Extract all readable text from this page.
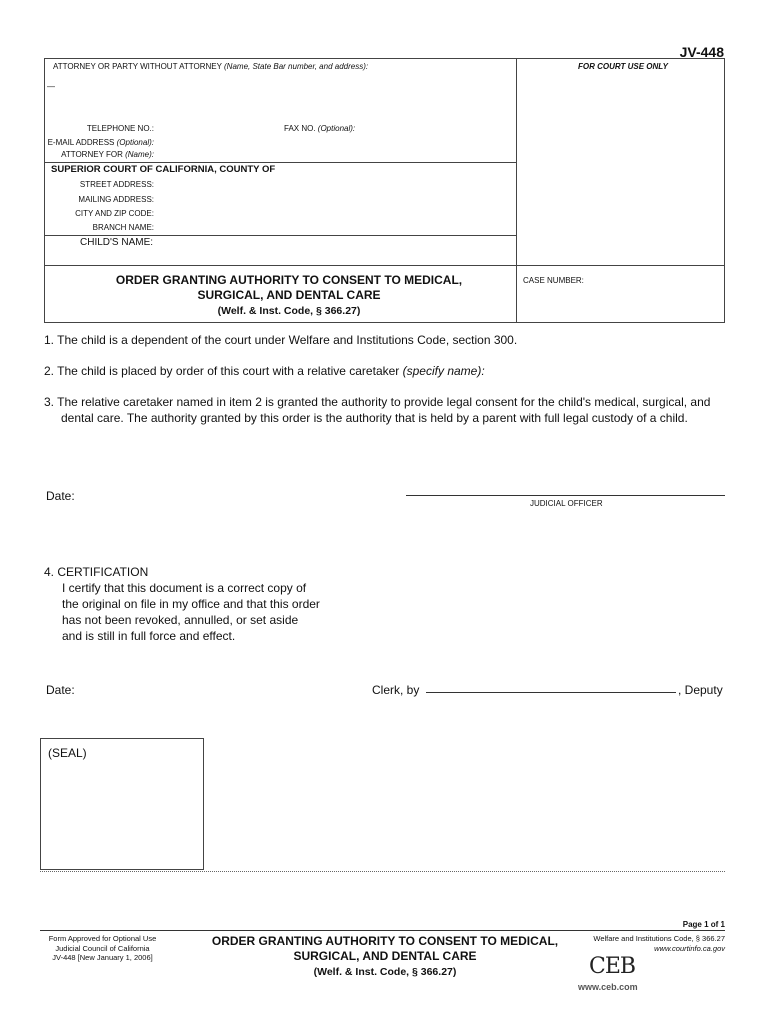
JV-448
ATTORNEY OR PARTY WITHOUT ATTORNEY (Name, State Bar number, and address):
—
FOR COURT USE ONLY
TELEPHONE NO.:	FAX NO. (Optional):
E-MAIL ADDRESS (Optional):
ATTORNEY FOR (Name):
SUPERIOR COURT OF CALIFORNIA, COUNTY OF
STREET ADDRESS:
MAILING ADDRESS:
CITY AND ZIP CODE:
BRANCH NAME:
CHILD'S NAME:
ORDER GRANTING AUTHORITY TO CONSENT TO MEDICAL,
SURGICAL, AND DENTAL CARE
(Welf. & Inst. Code, § 366.27)
CASE NUMBER:
1. The child is a dependent of the court under Welfare and Institutions Code, section 300.
2. The child is placed by order of this court with a relative caretaker (specify name):
3. The relative caretaker named in item 2 is granted the authority to provide legal consent for the child's medical, surgical, and
dental care. The authority granted by this order is the authority that is held by a parent with full legal custody of a child.
Date:
JUDICIAL OFFICER
4. CERTIFICATION
I certify that this document is a correct copy of
the original on file in my office and that this order
has not been revoked, annulled, or set aside
and is still in full force and effect.
Date:	Clerk, by	, Deputy
(SEAL)
Page 1 of 1
Form Approved for Optional Use
Judicial Council of California
JV-448 [New January 1, 2006]
ORDER GRANTING AUTHORITY TO CONSENT TO MEDICAL,
SURGICAL, AND DENTAL CARE
(Welf. & Inst. Code, § 366.27)
Welfare and Institutions Code, § 366.27
www.courtinfo.ca.gov
CEB
www.ceb.com
